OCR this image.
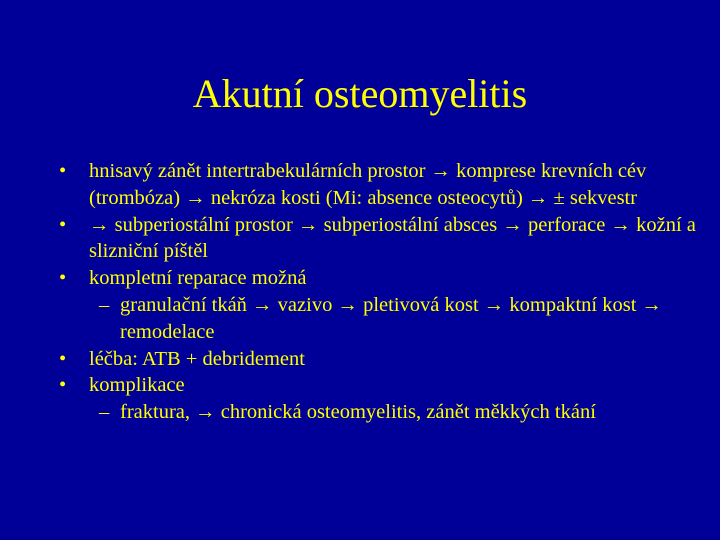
Akutní osteomyelitis
• hnisavý zánět intertrabekulárních prostor → komprese krevních cév (trombóza) → nekróza kosti (Mi: absence osteocytů) → ± sekvestr
• → subperiostální prostor → subperiostální absces → perforace → kožní a slizniční píštěl
• kompletní reparace možná
– granulační tkáň → vazivo → pletivová kost → kompaktní kost → remodelace
• léčba: ATB + debridement
• komplikace
– fraktura, → chronická osteomyelitis, zánět měkkých tkání
